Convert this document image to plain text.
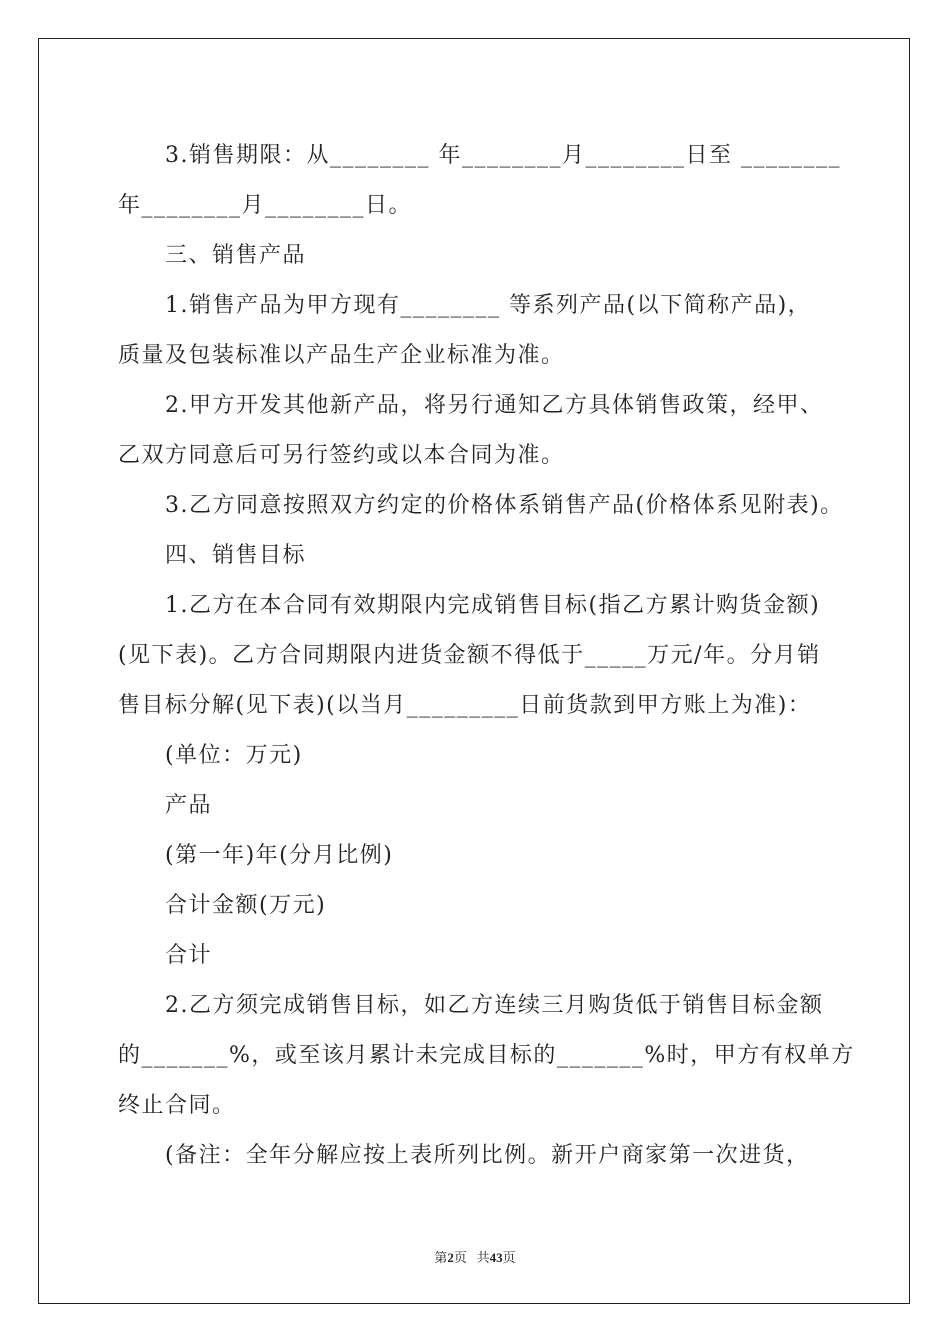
3.销售期限：从________ 年________月________日至 ________
年________月________日。
三、销售产品
1.销售产品为甲方现有________ 等系列产品(以下简称产品)，
质量及包装标准以产品生产企业标准为准。
2.甲方开发其他新产品，将另行通知乙方具体销售政策，经甲、
乙双方同意后可另行签约或以本合同为准。
3.乙方同意按照双方约定的价格体系销售产品(价格体系见附表)。
四、销售目标
1.乙方在本合同有效期限内完成销售目标(指乙方累计购货金额)
(见下表)。乙方合同期限内进货金额不得低于_____万元/年。分月销
售目标分解(见下表)(以当月_________日前货款到甲方账上为准)：
(单位：万元)
产品
(第一年)年(分月比例)
合计金额(万元)
合计
2.乙方须完成销售目标，如乙方连续三月购货低于销售目标金额
的_______%，或至该月累计未完成目标的_______%时，甲方有权单方
终止合同。
(备注：全年分解应按上表所列比例。新开户商家第一次进货，
第2页 共43页
